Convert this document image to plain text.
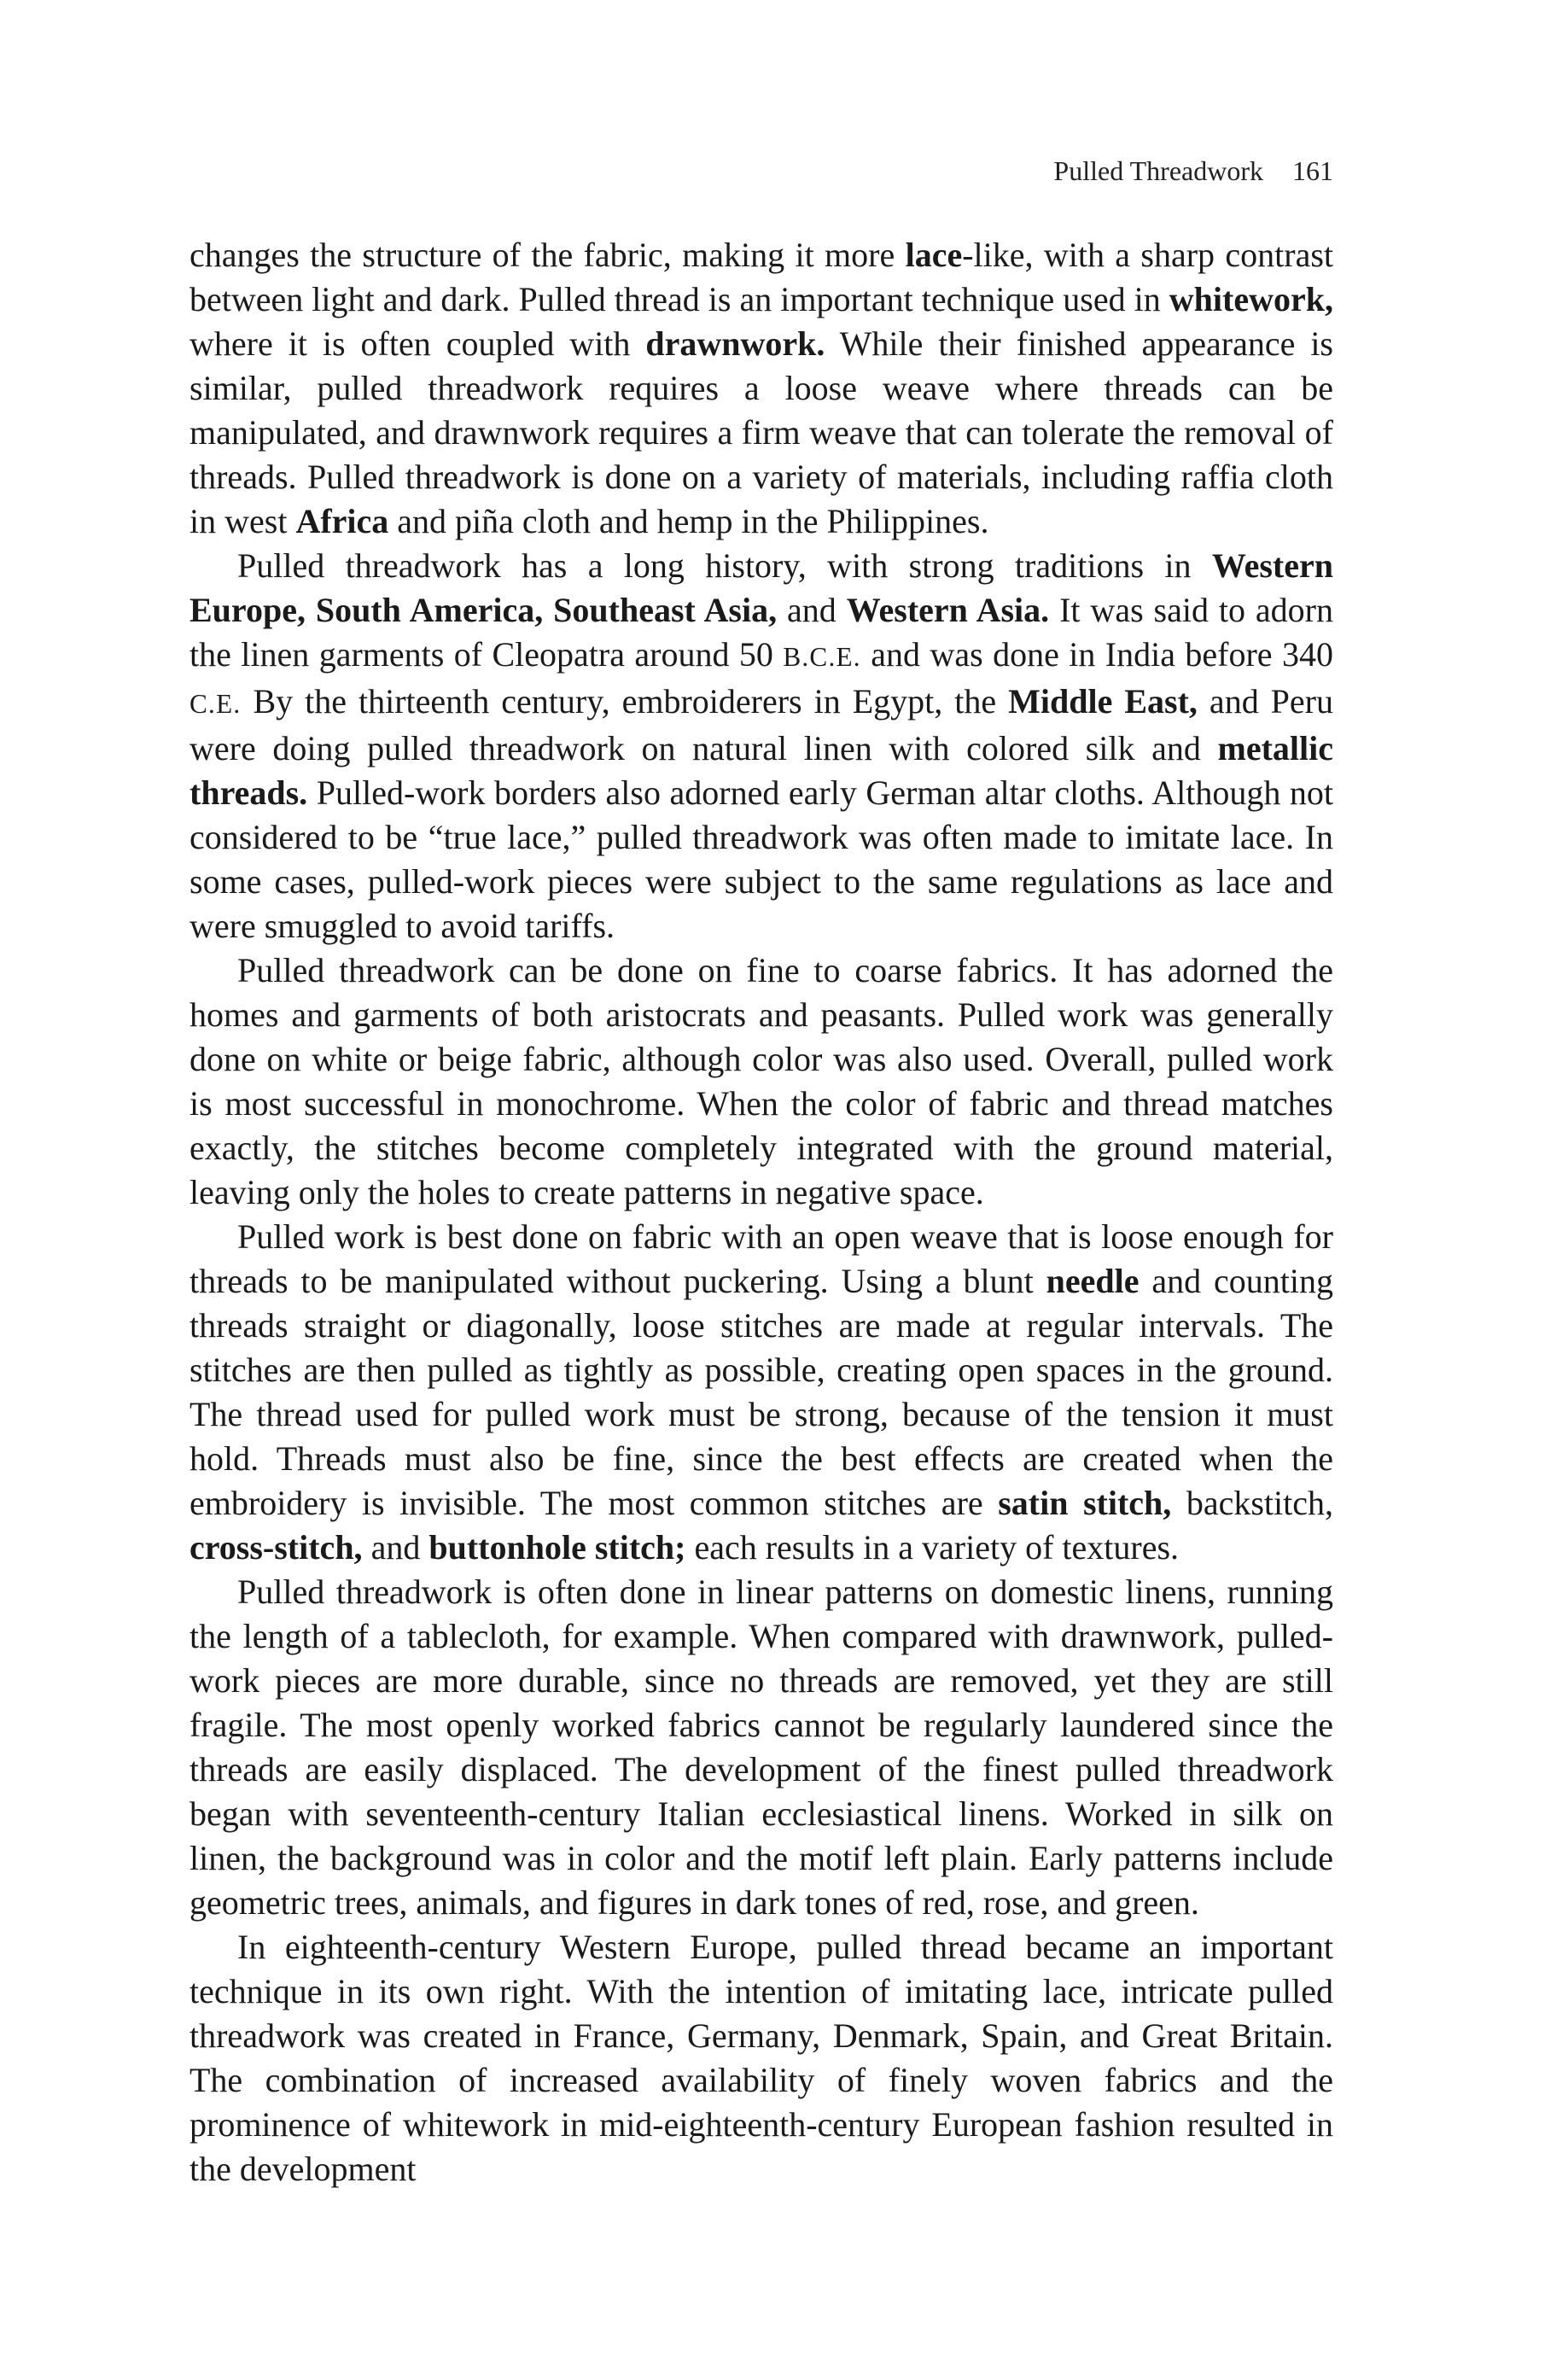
Pulled Threadwork 161

changes the structure of the fabric, making it more lace-like, with a sharp contrast between light and dark. Pulled thread is an important technique used in whitework, where it is often coupled with drawnwork. While their finished appearance is similar, pulled threadwork requires a loose weave where threads can be manipulated, and drawnwork requires a firm weave that can tolerate the removal of threads. Pulled threadwork is done on a variety of materials, including raffia cloth in west Africa and piña cloth and hemp in the Philippines.

Pulled threadwork has a long history, with strong traditions in Western Europe, South America, Southeast Asia, and Western Asia. It was said to adorn the linen garments of Cleopatra around 50 B.C.E. and was done in India before 340 C.E. By the thirteenth century, embroiderers in Egypt, the Middle East, and Peru were doing pulled threadwork on natural linen with colored silk and metallic threads. Pulled-work borders also adorned early German altar cloths. Although not considered to be “true lace,” pulled threadwork was often made to imitate lace. In some cases, pulled-work pieces were subject to the same regulations as lace and were smuggled to avoid tariffs.

Pulled threadwork can be done on fine to coarse fabrics. It has adorned the homes and garments of both aristocrats and peasants. Pulled work was generally done on white or beige fabric, although color was also used. Overall, pulled work is most successful in monochrome. When the color of fabric and thread matches exactly, the stitches become completely integrated with the ground material, leaving only the holes to create patterns in negative space.

Pulled work is best done on fabric with an open weave that is loose enough for threads to be manipulated without puckering. Using a blunt needle and counting threads straight or diagonally, loose stitches are made at regular intervals. The stitches are then pulled as tightly as possible, creating open spaces in the ground. The thread used for pulled work must be strong, because of the tension it must hold. Threads must also be fine, since the best effects are created when the embroidery is invisible. The most common stitches are satin stitch, backstitch, cross-stitch, and buttonhole stitch; each results in a variety of textures.

Pulled threadwork is often done in linear patterns on domestic linens, running the length of a tablecloth, for example. When compared with drawnwork, pulled-work pieces are more durable, since no threads are removed, yet they are still fragile. The most openly worked fabrics cannot be regularly laundered since the threads are easily displaced. The development of the finest pulled threadwork began with seventeenth-century Italian ecclesiastical linens. Worked in silk on linen, the background was in color and the motif left plain. Early patterns include geometric trees, animals, and figures in dark tones of red, rose, and green.

In eighteenth-century Western Europe, pulled thread became an important technique in its own right. With the intention of imitating lace, intricate pulled threadwork was created in France, Germany, Denmark, Spain, and Great Britain. The combination of increased availability of finely woven fabrics and the prominence of whitework in mid-eighteenth-century European fashion resulted in the development
